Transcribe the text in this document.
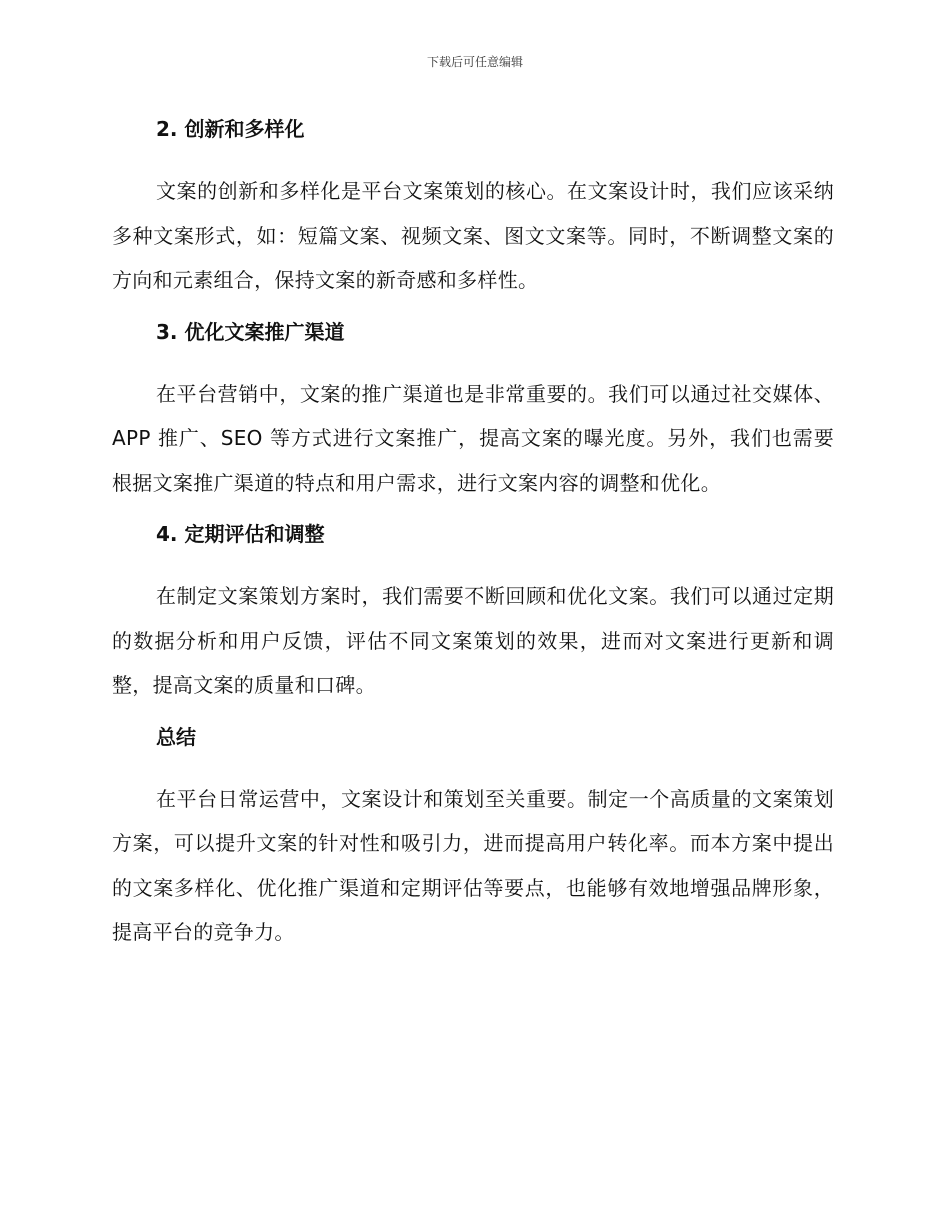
下载后可任意编辑
2. 创新和多样化

文案的创新和多样化是平台文案策划的核心。在文案设计时，我们应该采纳多种文案形式，如：短篇文案、视频文案、图文文案等。同时，不断调整文案的方向和元素组合，保持文案的新奇感和多样性。

3. 优化文案推广渠道

在平台营销中，文案的推广渠道也是非常重要的。我们可以通过社交媒体、APP 推广、SEO 等方式进行文案推广，提高文案的曝光度。另外，我们也需要根据文案推广渠道的特点和用户需求，进行文案内容的调整和优化。

4. 定期评估和调整

在制定文案策划方案时，我们需要不断回顾和优化文案。我们可以通过定期的数据分析和用户反馈，评估不同文案策划的效果，进而对文案进行更新和调整，提高文案的质量和口碑。

总结

在平台日常运营中，文案设计和策划至关重要。制定一个高质量的文案策划方案，可以提升文案的针对性和吸引力，进而提高用户转化率。而本方案中提出的文案多样化、优化推广渠道和定期评估等要点，也能够有效地增强品牌形象，提高平台的竞争力。
